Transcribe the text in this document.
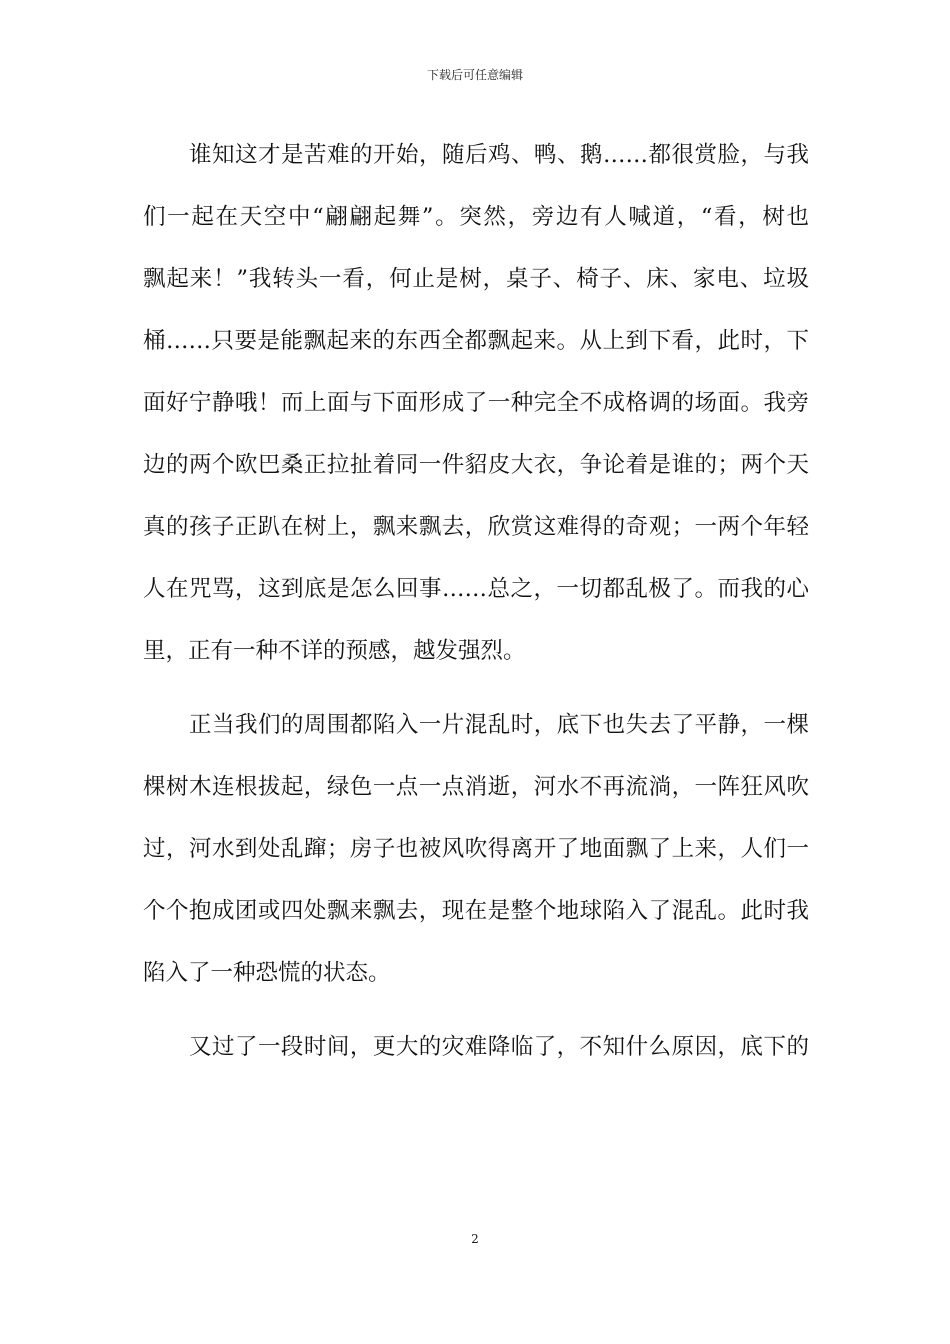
下载后可任意编辑
谁知这才是苦难的开始，随后鸡、鸭、鹅……都很赏脸，与我
们一起在天空中“翩翩起舞”。突然，旁边有人喊道，“看，树也
飘起来！”我转头一看，何止是树，桌子、椅子、床、家电、垃圾
桶……只要是能飘起来的东西全都飘起来。从上到下看，此时，下
面好宁静哦！而上面与下面形成了一种完全不成格调的场面。我旁
边的两个欧巴桑正拉扯着同一件貂皮大衣，争论着是谁的；两个天
真的孩子正趴在树上，飘来飘去，欣赏这难得的奇观；一两个年轻
人在咒骂，这到底是怎么回事……总之，一切都乱极了。而我的心
里，正有一种不详的预感，越发强烈。
正当我们的周围都陷入一片混乱时，底下也失去了平静，一棵
棵树木连根拔起，绿色一点一点消逝，河水不再流淌，一阵狂风吹
过，河水到处乱蹿；房子也被风吹得离开了地面飘了上来，人们一
个个抱成团或四处飘来飘去，现在是整个地球陷入了混乱。此时我
陷入了一种恐慌的状态。
又过了一段时间，更大的灾难降临了，不知什么原因，底下的
2
